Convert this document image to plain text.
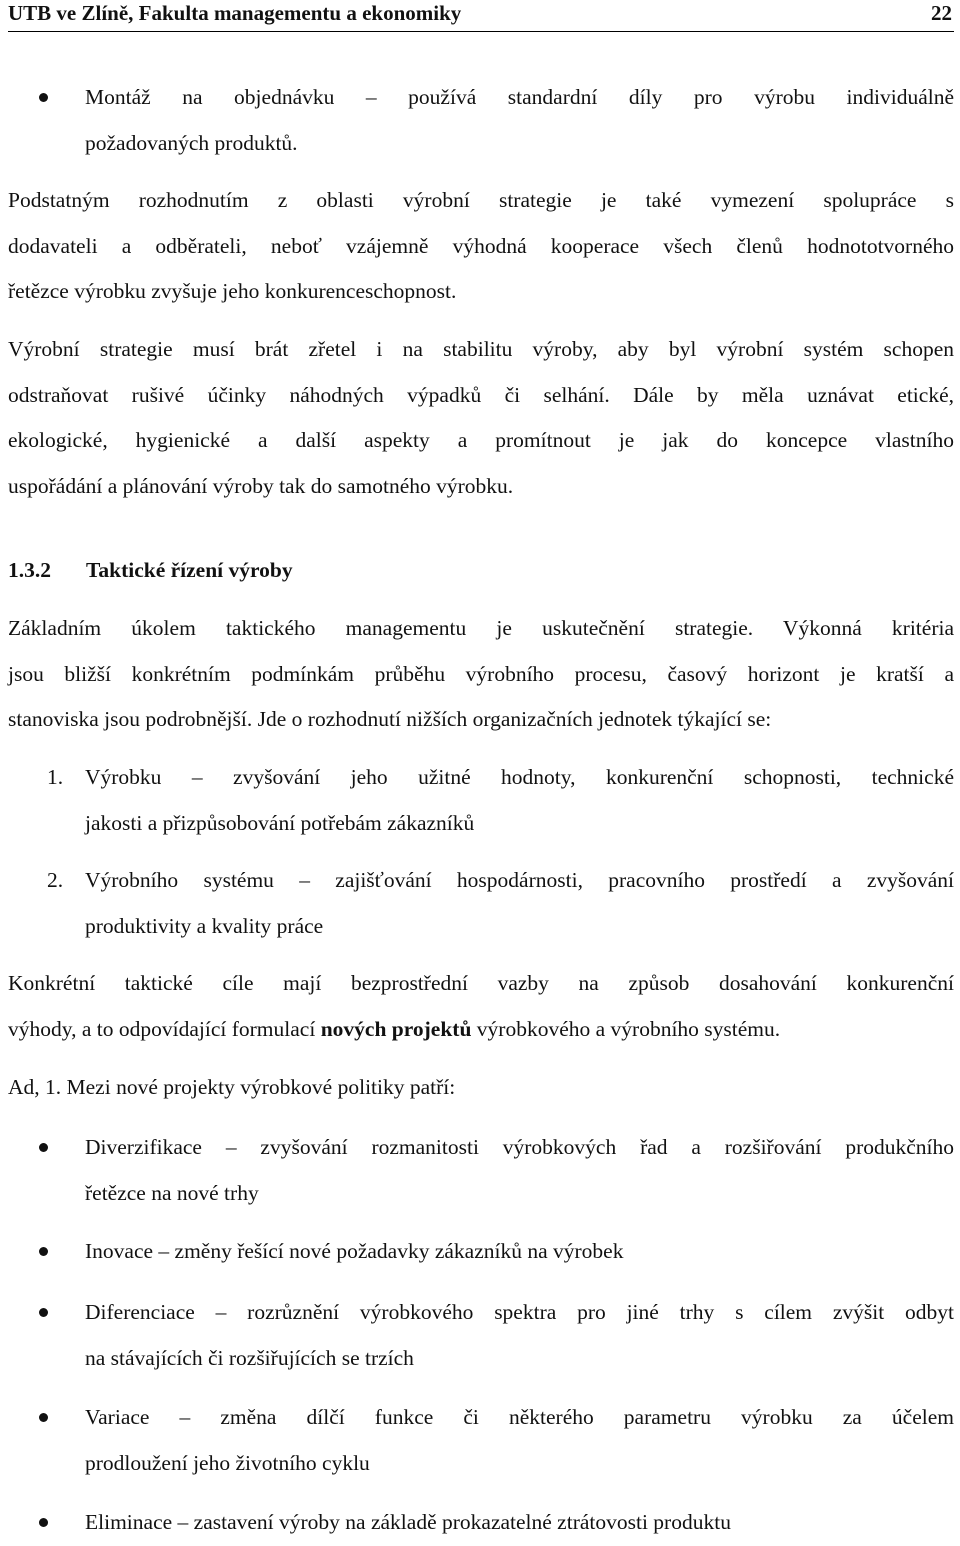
UTB ve Zlíně, Fakulta managementu a ekonomiky	22
Montáž na objednávku – používá standardní díly pro výrobu individuálně
požadovaných produktů.
Podstatným rozhodnutím z oblasti výrobní strategie je také vymezení spolupráce s
dodavateli a odběrateli, neboť vzájemně výhodná kooperace všech členů hodnototvorného
řetězce výrobku zvyšuje jeho konkurenceschopnost.
Výrobní strategie musí brát zřetel i na stabilitu výroby, aby byl výrobní systém schopen
odstraňovat rušivé účinky náhodných výpadků či selhání. Dále by měla uznávat etické,
ekologické, hygienické a další aspekty a promítnout je jak do koncepce vlastního
uspořádání a plánování výroby tak do samotného výrobku.
1.3.2 Taktické řízení výroby
Základním úkolem taktického managementu je uskutečnění strategie. Výkonná kritéria
jsou bližší konkrétním podmínkám průběhu výrobního procesu, časový horizont je kratší a
stanoviska jsou podrobnější. Jde o rozhodnutí nižších organizačních jednotek týkající se:
1. Výrobku – zvyšování jeho užitné hodnoty, konkurenční schopnosti, technické
jakosti a přizpůsobování potřebám zákazníků
2. Výrobního systému – zajišťování hospodárnosti, pracovního prostředí a zvyšování
produktivity a kvality práce
Konkrétní taktické cíle mají bezprostřední vazby na způsob dosahování konkurenční
výhody, a to odpovídající formulací nových projektů výrobkového a výrobního systému.
Ad, 1. Mezi nové projekty výrobkové politiky patří:
Diverzifikace – zvyšování rozmanitosti výrobkových řad a rozšiřování produkčního
řetězce na nové trhy
Inovace – změny řešící nové požadavky zákazníků na výrobek
Diferenciace – rozrůznění výrobkového spektra pro jiné trhy s cílem zvýšit odbyt
na stávajících či rozšiřujících se trzích
Variace – změna dílčí funkce či některého parametru výrobku za účelem
prodloužení jeho životního cyklu
Eliminace – zastavení výroby na základě prokazatelné ztrátovosti produktu
